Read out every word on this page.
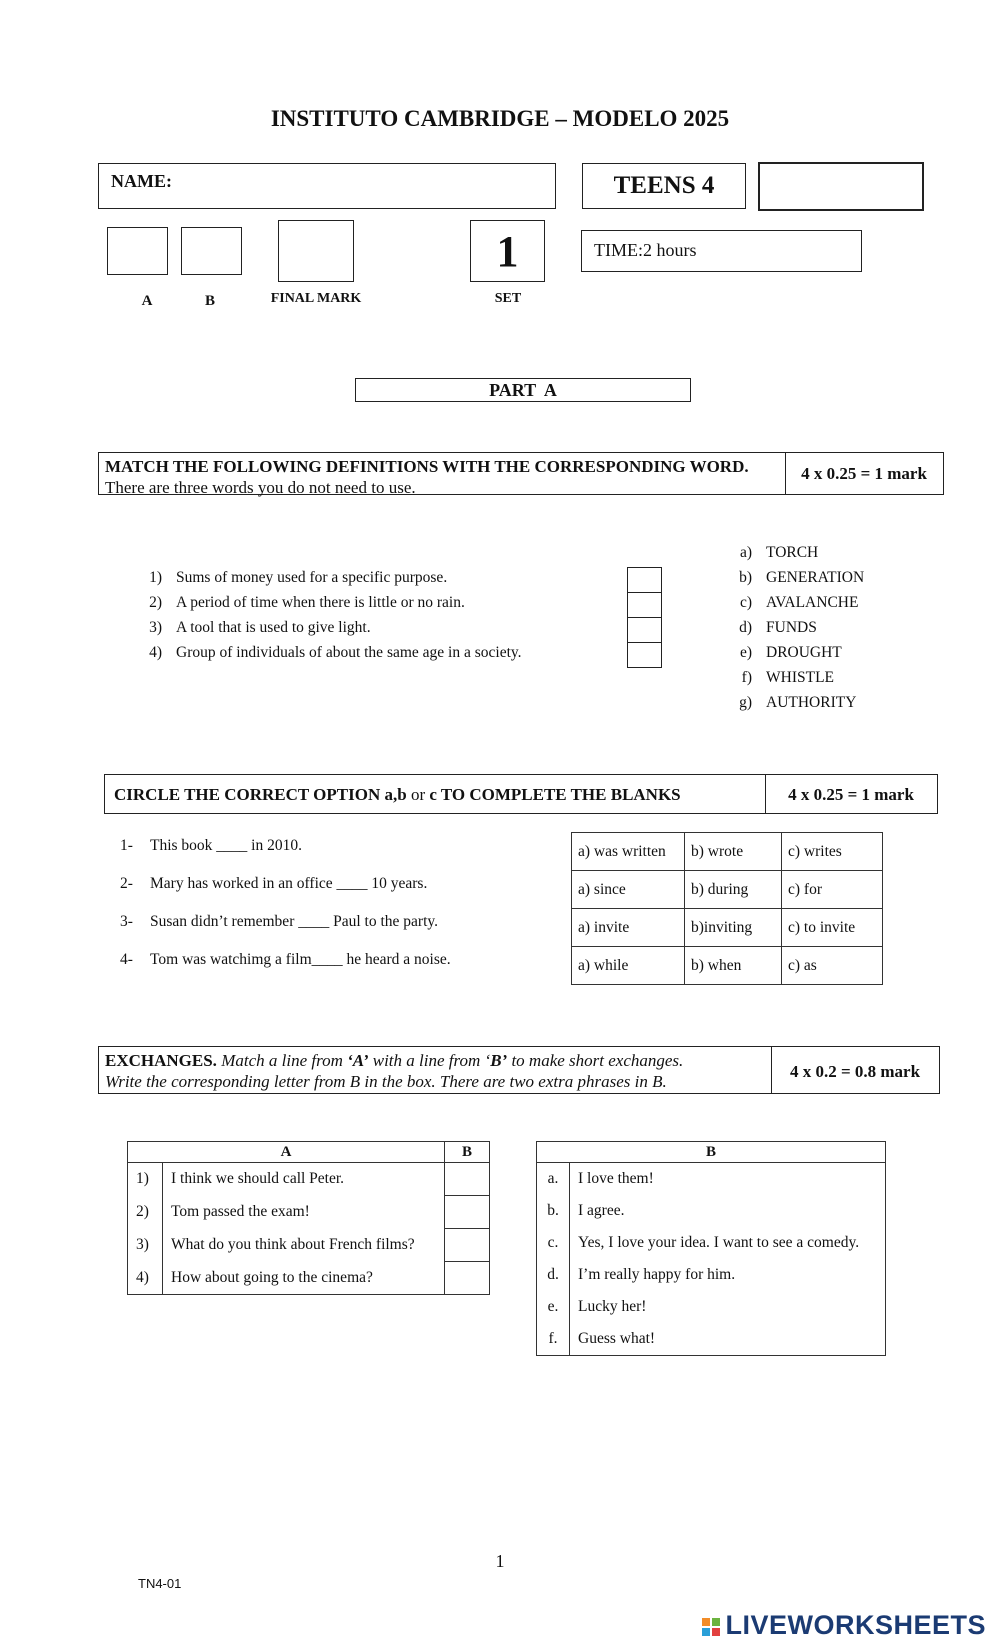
INSTITUTO CAMBRIDGE – MODELO 2025
NAME:	TEENS 4
1	TIME:2 hours
A	B	FINAL MARK	SET
PART  A
MATCH THE FOLLOWING DEFINITIONS WITH THE CORRESPONDING WORD. There are three words you do not need to use.
4 x 0.25 = 1 mark
1) Sums of money used for a specific purpose.
2) A period of time when there is little or no rain.
3) A tool that is used to give light.
4) Group of individuals of about the same age in a society.
a) TORCH
b) GENERATION
c) AVALANCHE
d) FUNDS
e) DROUGHT
f) WHISTLE
g) AUTHORITY
CIRCLE THE CORRECT OPTION a,b or c TO COMPLETE THE BLANKS	4 x 0.25 = 1 mark
1- This book ____ in 2010.
2- Mary has worked in an office ____ 10 years.
3- Susan didn’t remember ____ Paul to the party.
4- Tom was watchimg a film____ he heard a noise.
a) was written	b) wrote	c) writes
a) since	b) during	c) for
a) invite	b)inviting	c) to invite
a) while	b) when	c) as
EXCHANGES. Match a line from ‘A’ with a line from ‘B’ to make short exchanges.
Write the corresponding letter from B in the box. There are two extra phrases in B.
4 x 0.2 = 0.8 mark
A		B
1)	I think we should call Peter.	
2)	Tom passed the exam!	
3)	What do you think about French films?	
4)	How about going to the cinema?	
B	
a.	I love them!
b.	I agree.
c.	Yes, I love your idea. I want to see a comedy.
d.	I’m really happy for him.
e.	Lucky her!
f.	Guess what!
1
TN4-01

LIVEWORKSHEETS
